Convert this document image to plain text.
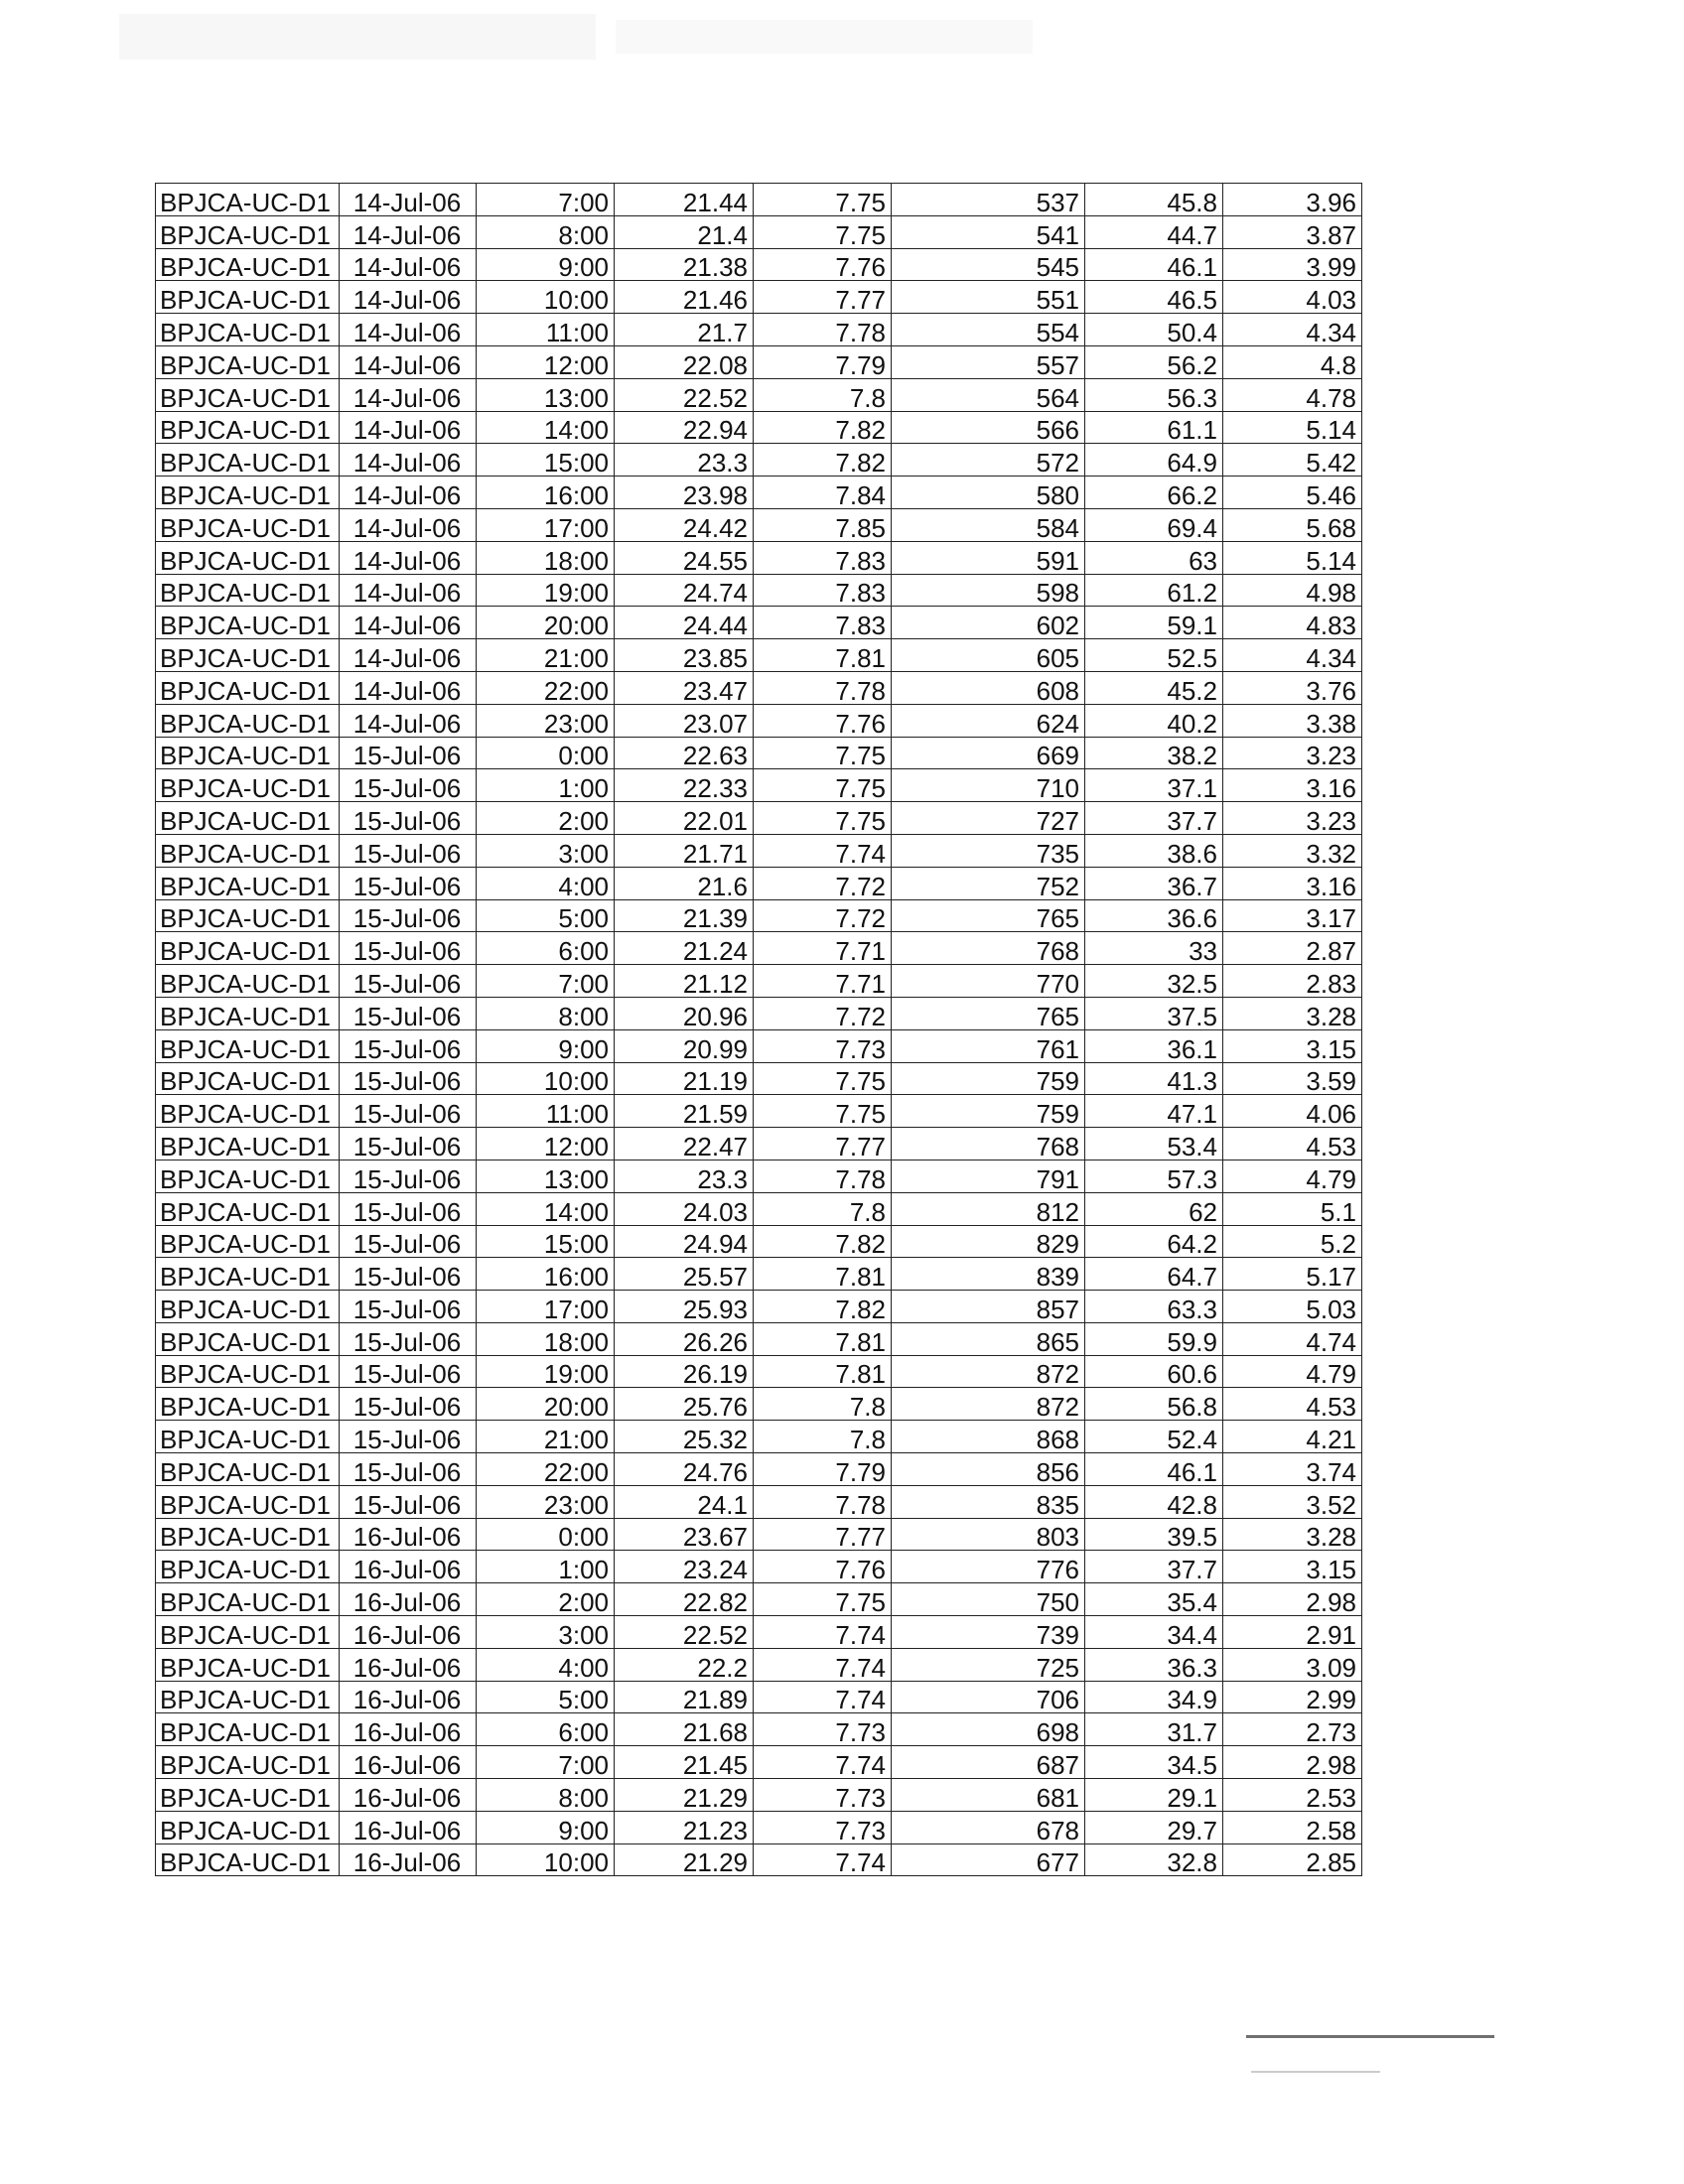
BPJCA-UC-D1	14-Jul-06	7:00	21.44	7.75	537	45.8	3.96
BPJCA-UC-D1	14-Jul-06	8:00	21.4	7.75	541	44.7	3.87
BPJCA-UC-D1	14-Jul-06	9:00	21.38	7.76	545	46.1	3.99
BPJCA-UC-D1	14-Jul-06	10:00	21.46	7.77	551	46.5	4.03
BPJCA-UC-D1	14-Jul-06	11:00	21.7	7.78	554	50.4	4.34
BPJCA-UC-D1	14-Jul-06	12:00	22.08	7.79	557	56.2	4.8
BPJCA-UC-D1	14-Jul-06	13:00	22.52	7.8	564	56.3	4.78
BPJCA-UC-D1	14-Jul-06	14:00	22.94	7.82	566	61.1	5.14
BPJCA-UC-D1	14-Jul-06	15:00	23.3	7.82	572	64.9	5.42
BPJCA-UC-D1	14-Jul-06	16:00	23.98	7.84	580	66.2	5.46
BPJCA-UC-D1	14-Jul-06	17:00	24.42	7.85	584	69.4	5.68
BPJCA-UC-D1	14-Jul-06	18:00	24.55	7.83	591	63	5.14
BPJCA-UC-D1	14-Jul-06	19:00	24.74	7.83	598	61.2	4.98
BPJCA-UC-D1	14-Jul-06	20:00	24.44	7.83	602	59.1	4.83
BPJCA-UC-D1	14-Jul-06	21:00	23.85	7.81	605	52.5	4.34
BPJCA-UC-D1	14-Jul-06	22:00	23.47	7.78	608	45.2	3.76
BPJCA-UC-D1	14-Jul-06	23:00	23.07	7.76	624	40.2	3.38
BPJCA-UC-D1	15-Jul-06	0:00	22.63	7.75	669	38.2	3.23
BPJCA-UC-D1	15-Jul-06	1:00	22.33	7.75	710	37.1	3.16
BPJCA-UC-D1	15-Jul-06	2:00	22.01	7.75	727	37.7	3.23
BPJCA-UC-D1	15-Jul-06	3:00	21.71	7.74	735	38.6	3.32
BPJCA-UC-D1	15-Jul-06	4:00	21.6	7.72	752	36.7	3.16
BPJCA-UC-D1	15-Jul-06	5:00	21.39	7.72	765	36.6	3.17
BPJCA-UC-D1	15-Jul-06	6:00	21.24	7.71	768	33	2.87
BPJCA-UC-D1	15-Jul-06	7:00	21.12	7.71	770	32.5	2.83
BPJCA-UC-D1	15-Jul-06	8:00	20.96	7.72	765	37.5	3.28
BPJCA-UC-D1	15-Jul-06	9:00	20.99	7.73	761	36.1	3.15
BPJCA-UC-D1	15-Jul-06	10:00	21.19	7.75	759	41.3	3.59
BPJCA-UC-D1	15-Jul-06	11:00	21.59	7.75	759	47.1	4.06
BPJCA-UC-D1	15-Jul-06	12:00	22.47	7.77	768	53.4	4.53
BPJCA-UC-D1	15-Jul-06	13:00	23.3	7.78	791	57.3	4.79
BPJCA-UC-D1	15-Jul-06	14:00	24.03	7.8	812	62	5.1
BPJCA-UC-D1	15-Jul-06	15:00	24.94	7.82	829	64.2	5.2
BPJCA-UC-D1	15-Jul-06	16:00	25.57	7.81	839	64.7	5.17
BPJCA-UC-D1	15-Jul-06	17:00	25.93	7.82	857	63.3	5.03
BPJCA-UC-D1	15-Jul-06	18:00	26.26	7.81	865	59.9	4.74
BPJCA-UC-D1	15-Jul-06	19:00	26.19	7.81	872	60.6	4.79
BPJCA-UC-D1	15-Jul-06	20:00	25.76	7.8	872	56.8	4.53
BPJCA-UC-D1	15-Jul-06	21:00	25.32	7.8	868	52.4	4.21
BPJCA-UC-D1	15-Jul-06	22:00	24.76	7.79	856	46.1	3.74
BPJCA-UC-D1	15-Jul-06	23:00	24.1	7.78	835	42.8	3.52
BPJCA-UC-D1	16-Jul-06	0:00	23.67	7.77	803	39.5	3.28
BPJCA-UC-D1	16-Jul-06	1:00	23.24	7.76	776	37.7	3.15
BPJCA-UC-D1	16-Jul-06	2:00	22.82	7.75	750	35.4	2.98
BPJCA-UC-D1	16-Jul-06	3:00	22.52	7.74	739	34.4	2.91
BPJCA-UC-D1	16-Jul-06	4:00	22.2	7.74	725	36.3	3.09
BPJCA-UC-D1	16-Jul-06	5:00	21.89	7.74	706	34.9	2.99
BPJCA-UC-D1	16-Jul-06	6:00	21.68	7.73	698	31.7	2.73
BPJCA-UC-D1	16-Jul-06	7:00	21.45	7.74	687	34.5	2.98
BPJCA-UC-D1	16-Jul-06	8:00	21.29	7.73	681	29.1	2.53
BPJCA-UC-D1	16-Jul-06	9:00	21.23	7.73	678	29.7	2.58
BPJCA-UC-D1	16-Jul-06	10:00	21.29	7.74	677	32.8	2.85
